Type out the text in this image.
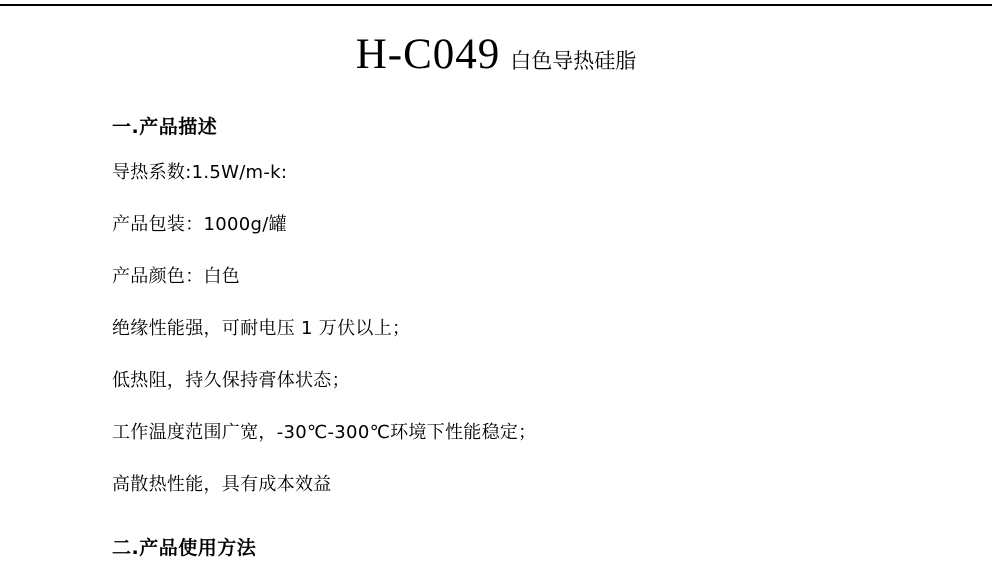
H-C049 白色导热硅脂

一.产品描述

导热系数:1.5W/m-k:

产品包装：1000g/罐

产品颜色：白色

绝缘性能强，可耐电压 1 万伏以上；

低热阻，持久保持膏体状态；

工作温度范围广宽，-30℃-300℃环境下性能稳定；

高散热性能，具有成本效益

二.产品使用方法
